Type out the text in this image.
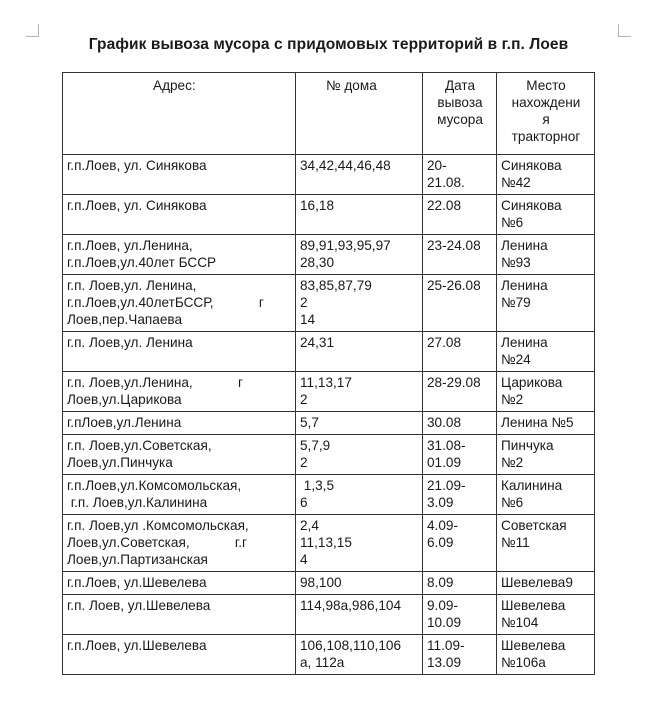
График вывоза мусора с придомовых территорий в г.п. Лоев
Адрес:	№ дома	Дата
вывоза
мусора	Место
нахождени
я
тракторног
г.п.Лоев, ул. Синякова	34,42,44,46,48	20-
21.08.	Синякова
№42
г.п.Лоев, ул. Синякова	16,18	22.08	Синякова
№6
г.п.Лоев, ул.Ленина,
г.п.Лоев,ул.40лет БССР	89,91,93,95,97
28,30	23-24.08	Ленина
№93
г.п. Лоев,ул. Ленина,
г.п.Лоев,ул.40летБССР,            г
Лоев,пер.Чапаева	83,85,87,79
2
14	25-26.08	Ленина
№79
г.п. Лоев,ул. Ленина	24,31	27.08	Ленина
№24
г.п. Лоев,ул.Ленина,            г
Лоев,ул.Царикова	11,13,17
2	28-29.08	Царикова
№2
г.пЛоев,ул.Ленина	5,7	30.08	Ленина №5
г.п. Лоев,ул.Советская,
Лоев,ул.Пинчука	5,7,9
2	31.08-
01.09	Пинчука
№2
г.п.Лоев,ул.Комсомольская,
г.п. Лоев,ул.Калинина	1,3,5
6	21.09-
3.09	Калинина
№6
г.п. Лоев,ул .Комсомольская,
Лоев,ул.Советская,            г.г
Лоев,ул.Партизанская	2,4
11,13,15
4	4.09-
6.09	Советская
№11
г.п.Лоев, ул.Шевелева	98,100	8.09	Шевелева9
г.п. Лоев, ул.Шевелева	114,98а,986,104	9.09-
10.09	Шевелева
№104
г.п.Лоев, ул.Шевелева	106,108,110,106
а, 112а	11.09-
13.09	Шевелева
№106а
